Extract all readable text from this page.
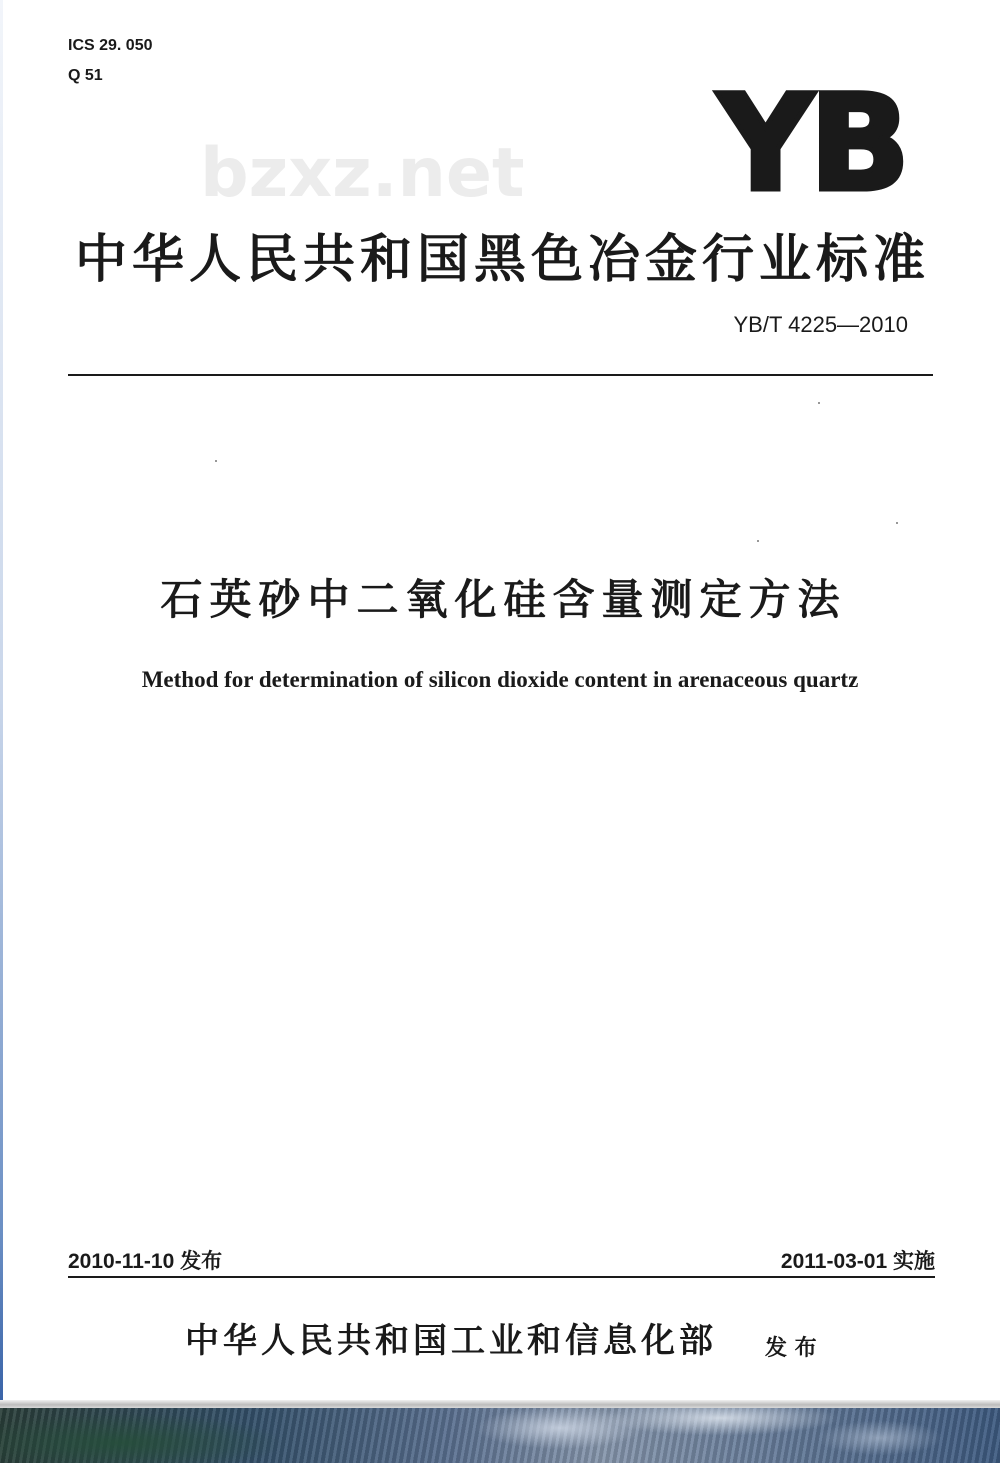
ICS 29. 050
Q 51
bzxz.net YB
中华人民共和国黑色冶金行业标准
YB/T 4225—2010
石英砂中二氧化硅含量测定方法
Method for determination of silicon dioxide content in arenaceous quartz
2010-11-10 发布	2011-03-01 实施
中华人民共和国工业和信息化部 发 布
